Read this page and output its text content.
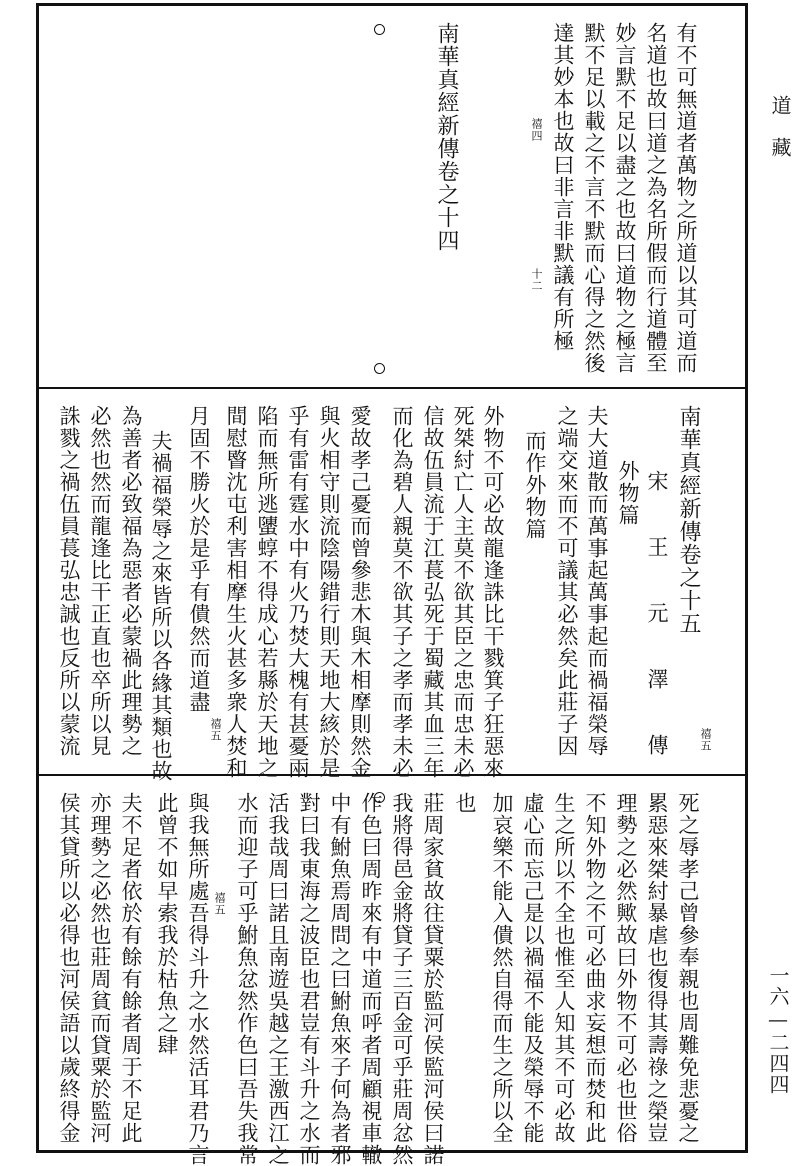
道　藏
一六—二四四
有不可無道者萬物之所道以其可道而
名道也故曰道之為名所假而行道體至
妙言默不足以盡之也故曰道物之極言
默不足以載之不言不默而心得之然後
達其妙本也故曰非言非默議有所極
禧四
十二
南華真經新傳卷之十四
南華真經新傳卷之十五
宋　　王　　元　　澤　　傳
外物篇
夫大道散而萬事起萬事起而禍福榮辱
之端交來而不可議其必然矣此莊子因
而作外物篇
外物不可必故龍逢誅比干戮箕子狂惡來
死桀紂亡人主莫不欲其臣之忠而忠未必
信故伍員流于江萇弘死于蜀藏其血三年
而化為碧人親莫不欲其子之孝而孝未必
愛故孝己憂而曾參悲木與木相摩則然金
與火相守則流陰陽錯行則天地大絯於是
乎有雷有霆水中有火乃焚大槐有甚憂兩
陷而無所逃螴蜳不得成心若縣於天地之
間慰睯沈屯利害相摩生火甚多衆人焚和
月固不勝火於是乎有僓然而道盡
夫禍福榮辱之來皆所以各緣其類也故
為善者必致福為惡者必蒙禍此理勢之
必然也然而龍逢比干正直也卒所以見
誅戮之禍伍員萇弘忠誠也反所以蒙流	禧五
禧五
死之辱孝己曾參奉親也周難免悲憂之
累惡來桀紂暴虐也復得其壽祿之榮豈
理勢之必然歟故曰外物不可必也世俗
不知外物之不可必曲求妄想而焚和此
生之所以不全也惟至人知其不可必故
虛心而忘己是以禍福不能及榮辱不能
加哀樂不能入僓然自得而生之所以全
也
莊周家貧故往貸粟於監河侯監河侯曰諾
我將得邑金將貸子三百金可乎莊周忿然
作色曰周昨來有中道而呼者周顧視車轍
中有鮒魚焉周問之曰鮒魚來子何為者邪
對曰我東海之波臣也君豈有斗升之水而
活我哉周曰諾且南遊吳越之王激西江之
水而迎子可乎鮒魚忿然作色曰吾失我常
與我無所處吾得斗升之水然活耳君乃言
此曾不如早索我於枯魚之肆
夫不足者依於有餘有餘者周于不足此
亦理勢之必然也莊周貧而貸粟於監河
侯其貸所以必得也河侯語以歲終得金	禧五
